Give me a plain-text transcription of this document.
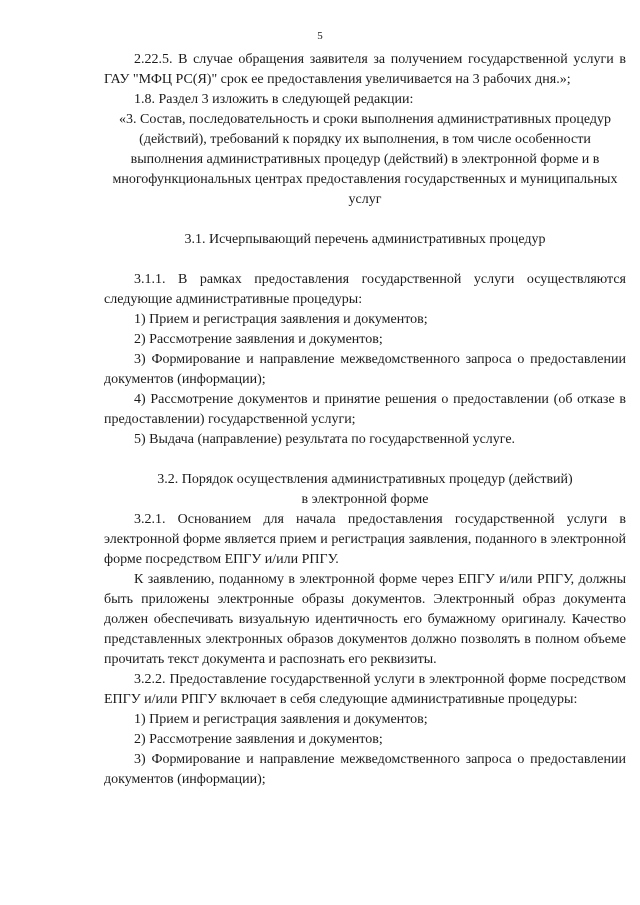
5

2.22.5. В случае обращения заявителя за получением государственной услуги в ГАУ "МФЦ РС(Я)" срок ее предоставления увеличивается на 3 рабочих дня.»;

1.8. Раздел 3 изложить в следующей редакции:

«3. Состав, последовательность и сроки выполнения административных процедур (действий), требований к порядку их выполнения, в том числе особенности выполнения административных процедур (действий) в электронной форме и в многофункциональных центрах предоставления государственных и муниципальных услуг

3.1. Исчерпывающий перечень административных процедур

3.1.1. В рамках предоставления государственной услуги осуществляются следующие административные процедуры:

1) Прием и регистрация заявления и документов;

2) Рассмотрение заявления и документов;

3) Формирование и направление межведомственного запроса о предоставлении документов (информации);

4) Рассмотрение документов и принятие решения о предоставлении (об отказе в предоставлении) государственной услуги;

5) Выдача (направление) результата по государственной услуге.

3.2. Порядок осуществления административных процедур (действий)

в электронной форме

3.2.1. Основанием для начала предоставления государственной услуги в электронной форме является прием и регистрация заявления, поданного в электронной форме посредством ЕПГУ и/или РПГУ.

К заявлению, поданному в электронной форме через ЕПГУ и/или РПГУ, должны быть приложены электронные образы документов. Электронный образ документа должен обеспечивать визуальную идентичность его бумажному оригиналу. Качество представленных электронных образов документов должно позволять в полном объеме прочитать текст документа и распознать его реквизиты.

3.2.2. Предоставление государственной услуги в электронной форме посредством ЕПГУ и/или РПГУ включает в себя следующие административные процедуры:

1) Прием и регистрация заявления и документов;

2) Рассмотрение заявления и документов;

3) Формирование и направление межведомственного запроса о предоставлении документов (информации);
